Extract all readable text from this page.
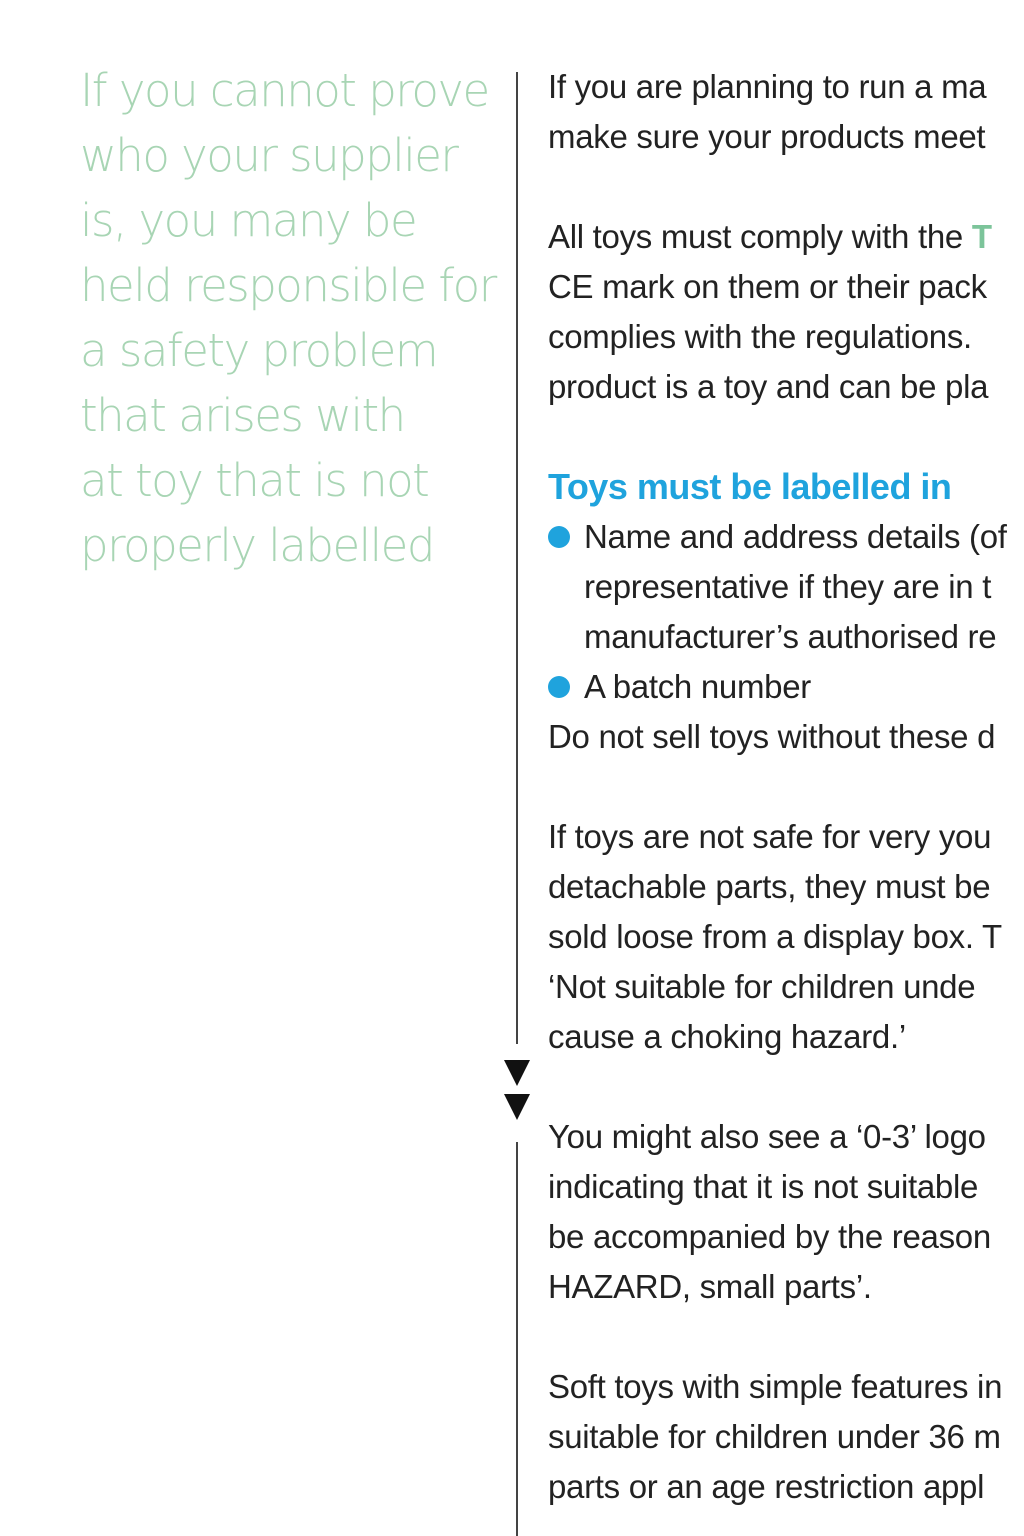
If you cannot prove
who your supplier
is, you many be
held responsible for
a safety problem
that arises with
at toy that is not
properly labelled

If you are planning to run a ma
make sure your products meet
All toys must comply with the T
CE mark on them or their pack
complies with the regulations.
product is a toy and can be pla
Toys must be labelled in
Name and address details (of
representative if they are in t
manufacturer’s authorised re
A batch number
Do not sell toys without these d
If toys are not safe for very you
detachable parts, they must be
sold loose from a display box. T
‘Not suitable for children unde
cause a choking hazard.’
You might also see a ‘0-3’ logo
indicating that it is not suitable
be accompanied by the reason
HAZARD, small parts’.
Soft toys with simple features in
suitable for children under 36 m
parts or an age restriction appl
